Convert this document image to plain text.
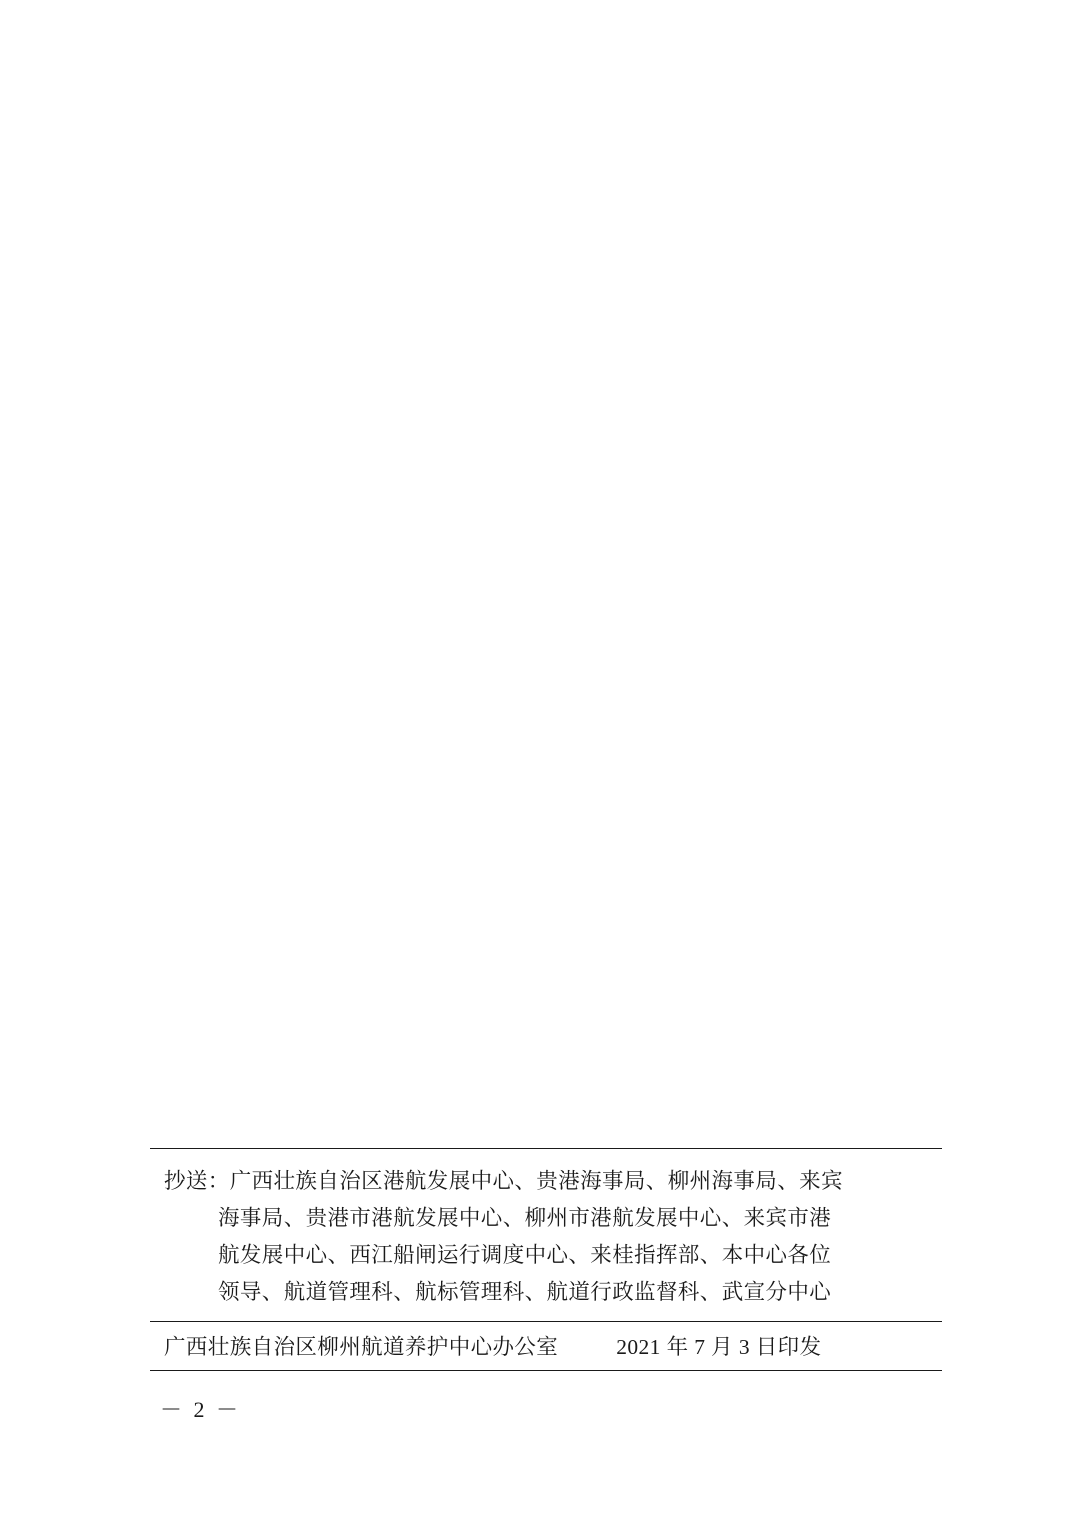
抄送：广西壮族自治区港航发展中心、贵港海事局、柳州海事局、来宾
海事局、贵港市港航发展中心、柳州市港航发展中心、来宾市港
航发展中心、西江船闸运行调度中心、来桂指挥部、本中心各位
领导、航道管理科、航标管理科、航道行政监督科、武宣分中心
广西壮族自治区柳州航道养护中心办公室	2021 年 7 月 3 日印发
－ 2 －
